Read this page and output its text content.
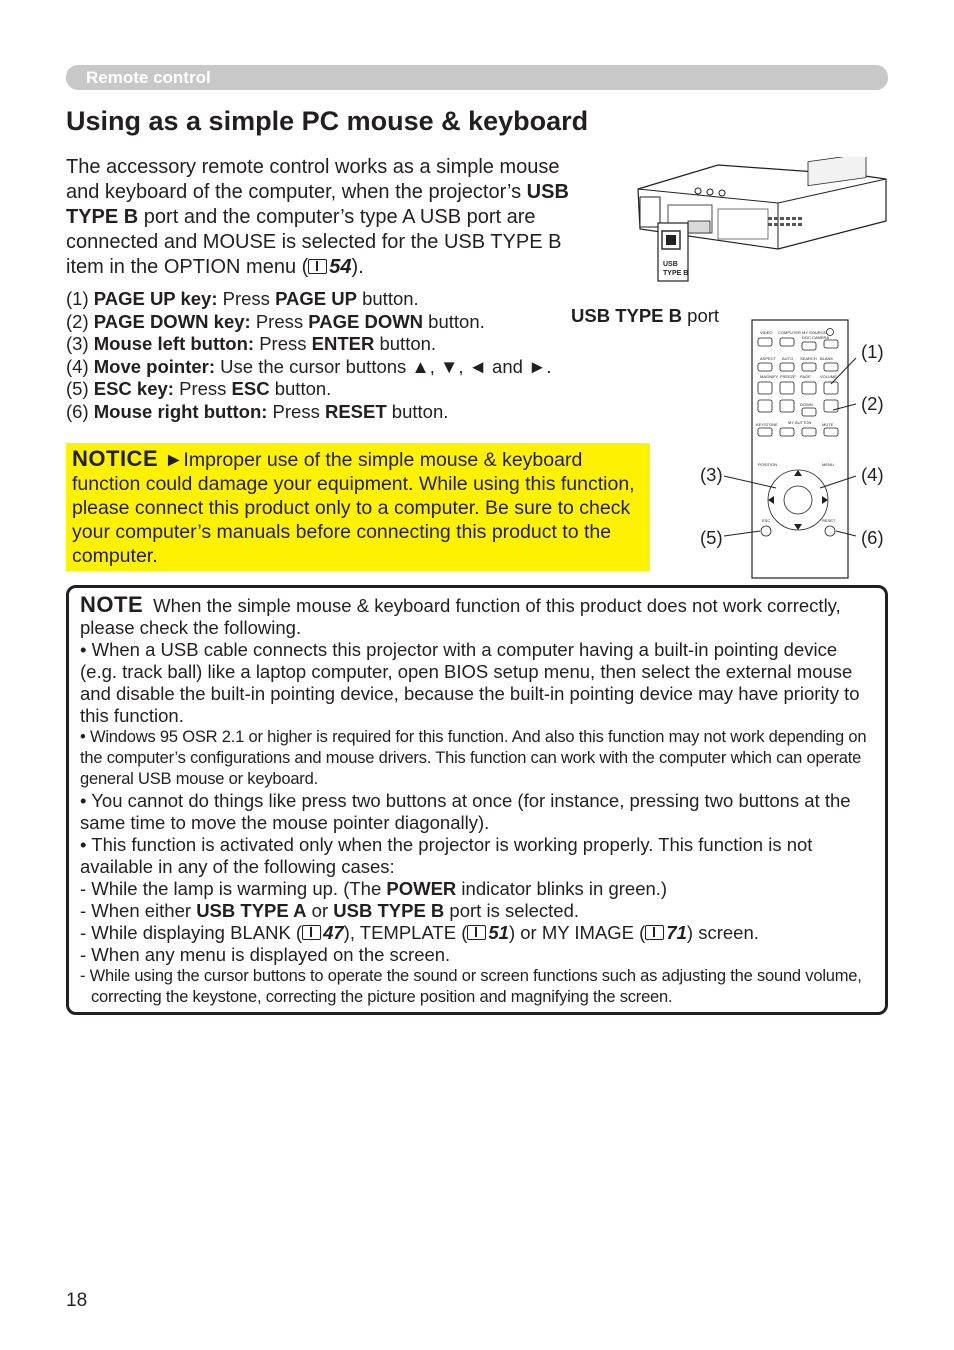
Remote control
Using as a simple PC mouse & keyboard
The accessory remote control works as a simple mouse and keyboard of the computer, when the projector’s USB TYPE B port and the computer’s type A USB port are connected and MOUSE is selected for the USB TYPE B item in the OPTION menu ( 54).
(1) PAGE UP key: Press PAGE UP button.
(2) PAGE DOWN key: Press PAGE DOWN button.
(3) Mouse left button: Press ENTER button.
(4) Move pointer: Use the cursor buttons ▲, ▼, ◄ and ►.
(5) ESC key: Press ESC button.
(6) Mouse right button: Press RESET button.
USB
TYPE B
USB TYPE B port
VIDEO COMPUTER MY SOURCE/
DOC.CAMERA
ASPECT AUTO SEARCH BLANK
MAGNIFY FREEZE PAGE VOLUME
DOWN
KEYSTONE	MY BUTTON	MUTE
POSITION	MENU
ESC	RESET
(1)
(2)
(3)	(4)
(5)	(6)
NOTICE ►Improper use of the simple mouse & keyboard function could damage your equipment. While using this function, please connect this product only to a computer. Be sure to check your computer’s manuals before connecting this product to the computer.

NOTE When the simple mouse & keyboard function of this product does not work correctly, please check the following.

• When a USB cable connects this projector with a computer having a built-in pointing device (e.g. track ball) like a laptop computer, open BIOS setup menu, then select the external mouse and disable the built-in pointing device, because the built-in pointing device may have priority to this function.

• Windows 95 OSR 2.1 or higher is required for this function. And also this function may not work depending on the computer’s configurations and mouse drivers. This function can work with the computer which can operate general USB mouse or keyboard.

• You cannot do things like press two buttons at once (for instance, pressing two buttons at the same time to move the mouse pointer diagonally).

• This function is activated only when the projector is working properly. This function is not available in any of the following cases:

- While the lamp is warming up. (The POWER indicator blinks in green.)

- When either USB TYPE A or USB TYPE B port is selected.

- While displaying BLANK ( 47), TEMPLATE ( 51) or MY IMAGE ( 71) screen.

- When any menu is displayed on the screen.

- While using the cursor buttons to operate the sound or screen functions such as adjusting the sound volume, correcting the keystone, correcting the picture position and magnifying the screen.

18
